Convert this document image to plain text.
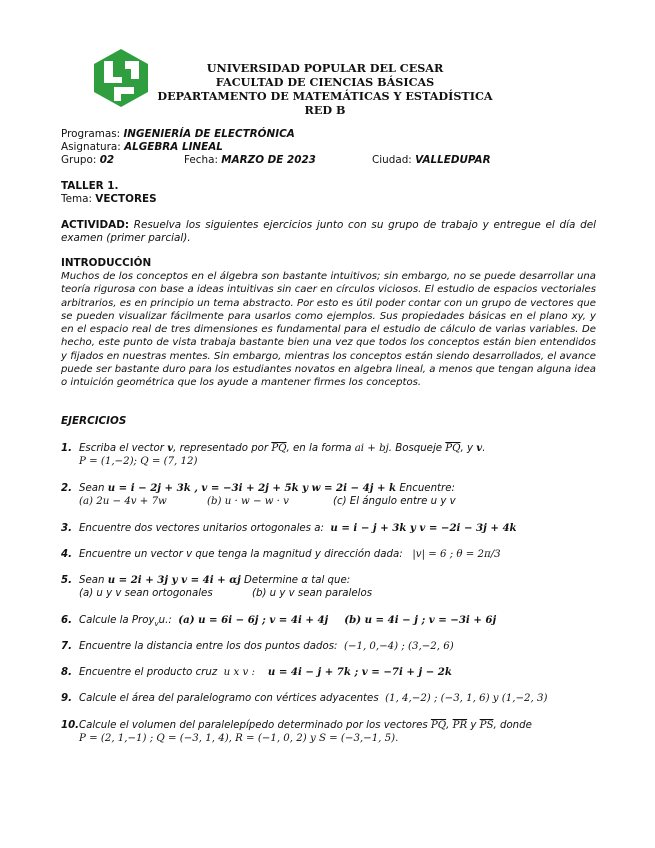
UNIVERSIDAD POPULAR DEL CESAR
FACULTAD DE CIENCIAS BÁSICAS
DEPARTAMENTO DE MATEMÁTICAS Y ESTADÍSTICA
RED B
Programas: INGENIERÍA DE ELECTRÓNICA
Asignatura: ALGEBRA LINEAL
Grupo: 02	Fecha: MARZO DE 2023	Ciudad: VALLEDUPAR
TALLER 1.
Tema: VECTORES
ACTIVIDAD: Resuelva los siguientes ejercicios junto con su grupo de trabajo y entregue el día del examen (primer parcial).
INTRODUCCIÓN
Muchos de los conceptos en el álgebra son bastante intuitivos; sin embargo, no se puede desarrollar una teoría rigurosa con base a ideas intuitivas sin caer en círculos viciosos. El estudio de espacios vectoriales arbitrarios, es en principio un tema abstracto. Por esto es útil poder contar con un grupo de vectores que se pueden visualizar fácilmente para usarlos como ejemplos. Sus propiedades básicas en el plano xy, y en el espacio real de tres dimensiones es fundamental para el estudio de cálculo de varias variables. De hecho, este punto de vista trabaja bastante bien una vez que todos los conceptos están bien entendidos y fijados en nuestras mentes. Sin embargo, mientras los conceptos están siendo desarrollados, el avance puede ser bastante duro para los estudiantes novatos en algebra lineal, a menos que tengan alguna idea o intuición geométrica que los ayude a mantener firmes los conceptos.
EJERCICIOS
1. Escriba el vector v, representado por $\overline{PQ}$, en la forma ai + bj. Bosqueje $\overline{PQ}$, y v.
P = (1,−2); Q = (7, 12)
2. Sean u = i − 2j + 3k , v = −3i + 2j + 5k y w = 2i − 4j + k Encuentre:
(a) 2u − 4v + 7w	(b) u · w − w · v	(c) El ángulo entre u y v
3. Encuentre dos vectores unitarios ortogonales a: u = i − j + 3k y v = −2i − 3j + 4k
4. Encuentre un vector v que tenga la magnitud y dirección dada: |v| = 6 ; θ = 2π/3
5. Sean u = 2i + 3j y v = 4i + αj Determine α tal que:
(a) u y v sean ortogonales	(b) u y v sean paralelos
6. Calcule la Proy$_v$u.: (a) u = 6i − 6j ; v = 4i + 4j (b) u = 4i − j ; v = −3i + 6j
7. Encuentre la distancia entre los dos puntos dados: (−1, 0,−4) ; (3,−2, 6)
8. Encuentre el producto cruz u x v : u = 4i − j + 7k ; v = −7i + j − 2k
9. Calcule el área del paralelogramo con vértices adyacentes (1, 4,−2) ; (−3, 1, 6) y (1,−2, 3)
10.Calcule el volumen del paralelepípedo determinado por los vectores $\overline{PQ}$, $\overline{PR}$ y $\overline{PS}$, donde
P = (2, 1,−1) ; Q = (−3, 1, 4), R = (−1, 0, 2) y S = (−3,−1, 5).
